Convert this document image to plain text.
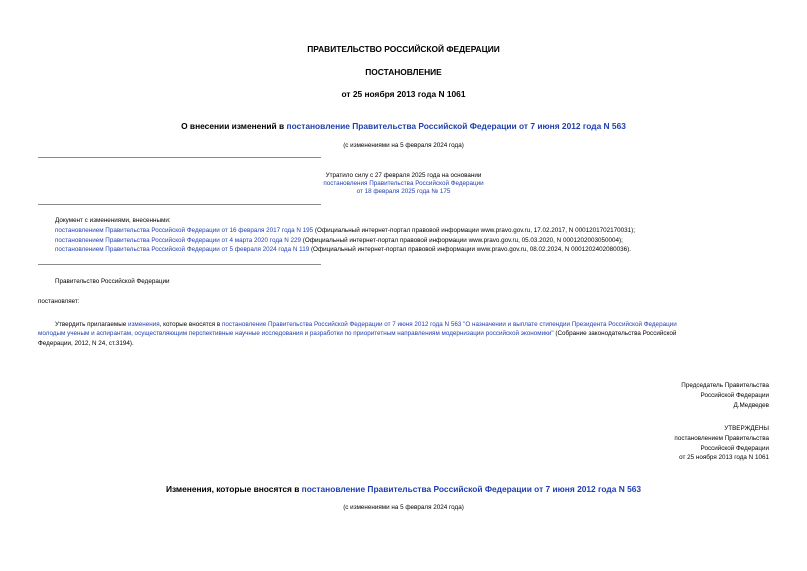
ПРАВИТЕЛЬСТВО РОССИЙСКОЙ ФЕДЕРАЦИИ
ПОСТАНОВЛЕНИЕ
от 25 ноября 2013 года N 1061
О внесении изменений в постановление Правительства Российской Федерации от 7 июня 2012 года N 563
(с изменениями на 5 февраля 2024 года)

Утратило силу с 27 февраля 2025 года на основании

постановления Правительства Российской Федерации

от 18 февраля 2025 года № 175

Документ с изменениями, внесенными:

постановлением Правительства Российской Федерации от 16 февраля 2017 года N 195 (Официальный интернет-портал правовой информации www.pravo.gov.ru, 17.02.2017, N 0001201702170031);

постановлением Правительства Российской Федерации от 4 марта 2020 года N 229 (Официальный интернет-портал правовой информации www.pravo.gov.ru, 05.03.2020, N 0001202003050004);

постановлением Правительства Российской Федерации от 5 февраля 2024 года N 119 (Официальный интернет-портал правовой информации www.pravo.gov.ru, 08.02.2024, N 0001202402080036).

Правительство Российской Федерации
постановляет:

Утвердить прилагаемые изменения, которые вносятся в постановление Правительства Российской Федерации от 7 июня 2012 года N 563 "О назначении и выплате стипендии Президента Российской Федерации

молодым ученым и аспирантам, осуществляющим перспективные научные исследования и разработки по приоритетным направлениям модернизации российской экономики" (Собрание законодательства Российской

Федерации, 2012, N 24, ст.3194).

Председатель Правительства

Российской Федерации

Д.Медведев

УТВЕРЖДЕНЫ

постановлением Правительства

Российской Федерации

от 25 ноября 2013 года N 1061

Изменения, которые вносятся в постановление Правительства Российской Федерации от 7 июня 2012 года N 563
(с изменениями на 5 февраля 2024 года)
